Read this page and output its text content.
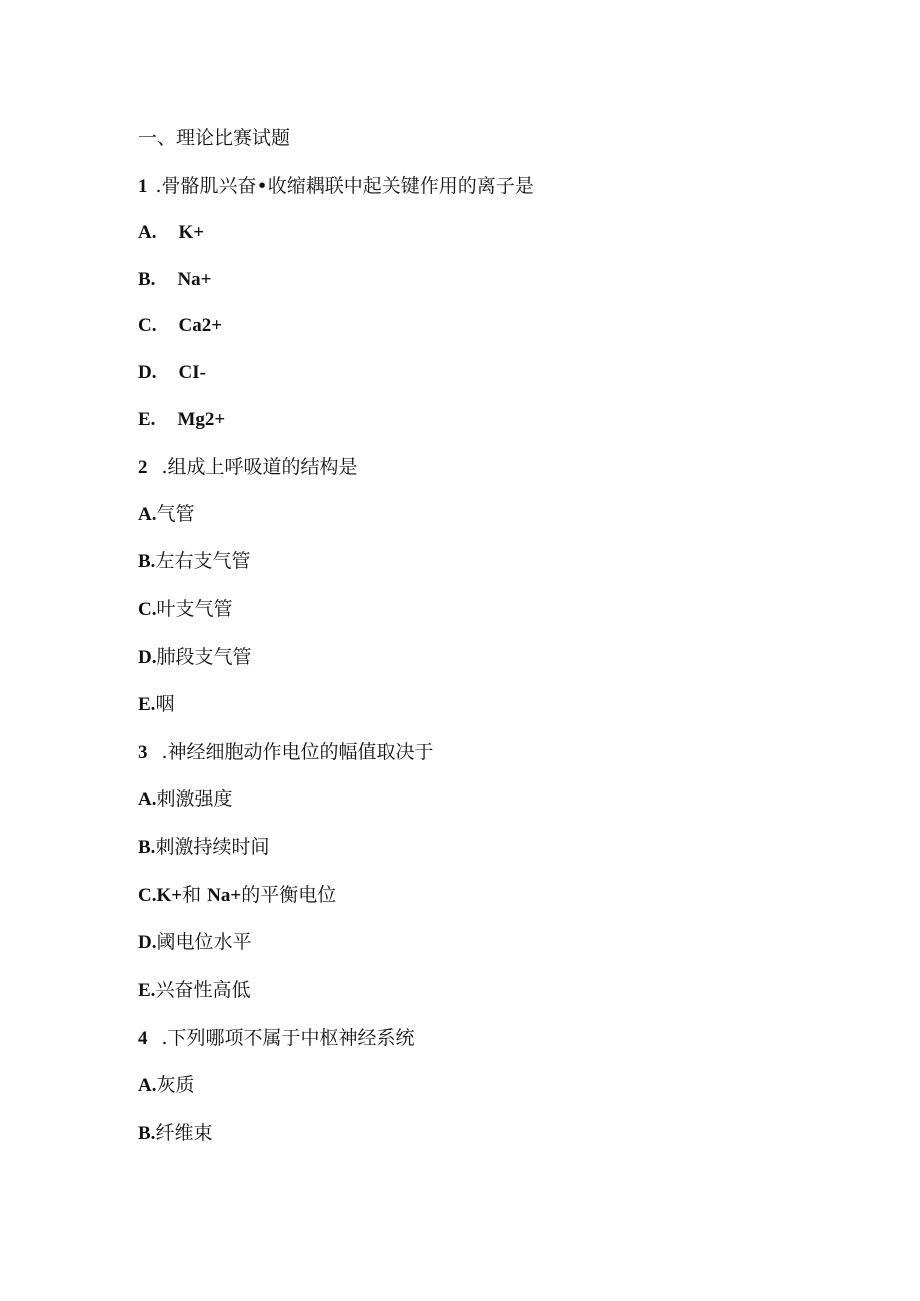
一、理论比赛试题
1 .骨骼肌兴奋•收缩耦联中起关键作用的离子是
A. K+
B. Na+
C. Ca2+
D. CI-
E. Mg2+
2 .组成上呼吸道的结构是
A.气管
B.左右支气管
C.叶支气管
D.肺段支气管
E.咽
3 .神经细胞动作电位的幅值取决于
A.刺激强度
B.刺激持续时间
C.K+和 Na+的平衡电位
D.阈电位水平
E.兴奋性高低
4 .下列哪项不属于中枢神经系统
A.灰质
B.纤维束
